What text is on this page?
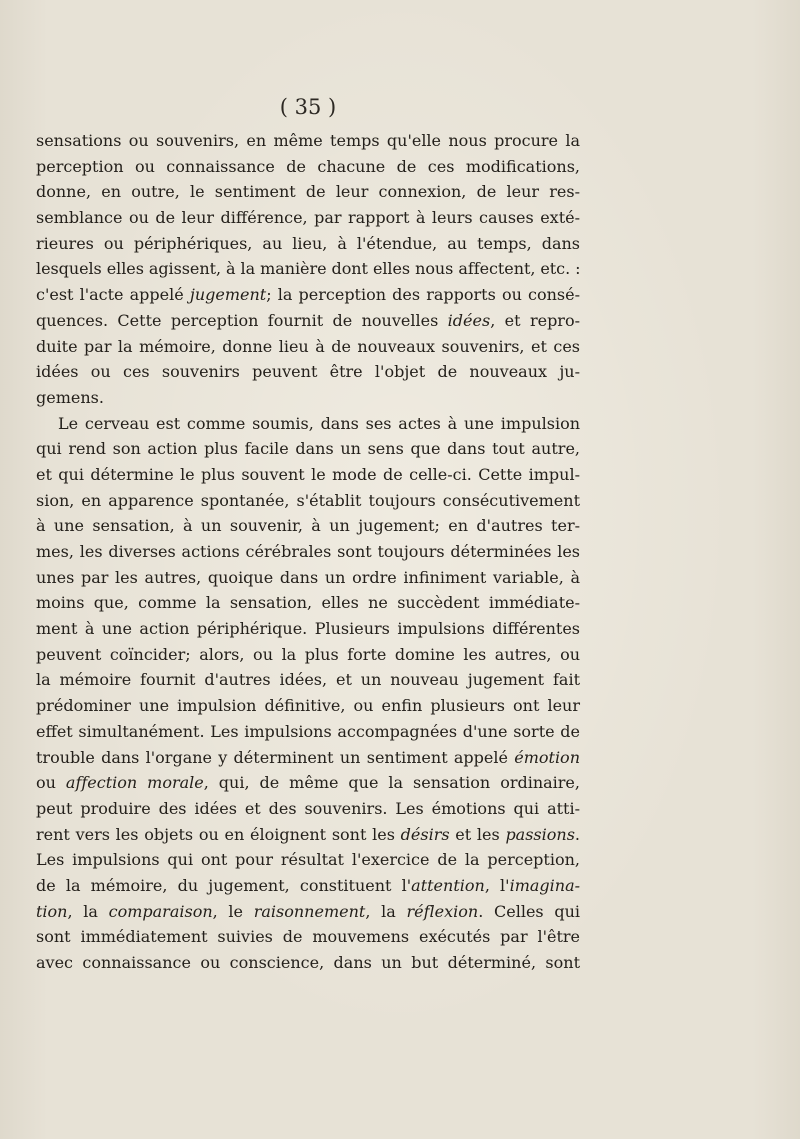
( 35 )
sensations ou souvenirs, en même temps qu'elle nous procure la
perception ou connaissance de chacune de ces modifications,
donne, en outre, le sentiment de leur connexion, de leur res-
semblance ou de leur différence, par rapport à leurs causes exté-
rieures ou périphériques, au lieu, à l'étendue, au temps, dans
lesquels elles agissent, à la manière dont elles nous affectent, etc. :
c'est l'acte appelé jugement; la perception des rapports ou consé-
quences. Cette perception fournit de nouvelles idées, et repro-
duite par la mémoire, donne lieu à de nouveaux souvenirs, et ces
idées ou ces souvenirs peuvent être l'objet de nouveaux ju-
gemens.
Le cerveau est comme soumis, dans ses actes à une impulsion
qui rend son action plus facile dans un sens que dans tout autre,
et qui détermine le plus souvent le mode de celle-ci. Cette impul-
sion, en apparence spontanée, s'établit toujours consécutivement
à une sensation, à un souvenir, à un jugement; en d'autres ter-
mes, les diverses actions cérébrales sont toujours déterminées les
unes par les autres, quoique dans un ordre infiniment variable, à
moins que, comme la sensation, elles ne succèdent immédiate-
ment à une action périphérique. Plusieurs impulsions différentes
peuvent coïncider; alors, ou la plus forte domine les autres, ou
la mémoire fournit d'autres idées, et un nouveau jugement fait
prédominer une impulsion définitive, ou enfin plusieurs ont leur
effet simultanément. Les impulsions accompagnées d'une sorte de
trouble dans l'organe y déterminent un sentiment appelé émotion
ou affection morale, qui, de même que la sensation ordinaire,
peut produire des idées et des souvenirs. Les émotions qui atti-
rent vers les objets ou en éloignent sont les désirs et les passions.
Les impulsions qui ont pour résultat l'exercice de la perception,
de la mémoire, du jugement, constituent l'attention, l'imagina-
tion, la comparaison, le raisonnement, la réflexion. Celles qui
sont immédiatement suivies de mouvemens exécutés par l'être
avec connaissance ou conscience, dans un but déterminé, sont
